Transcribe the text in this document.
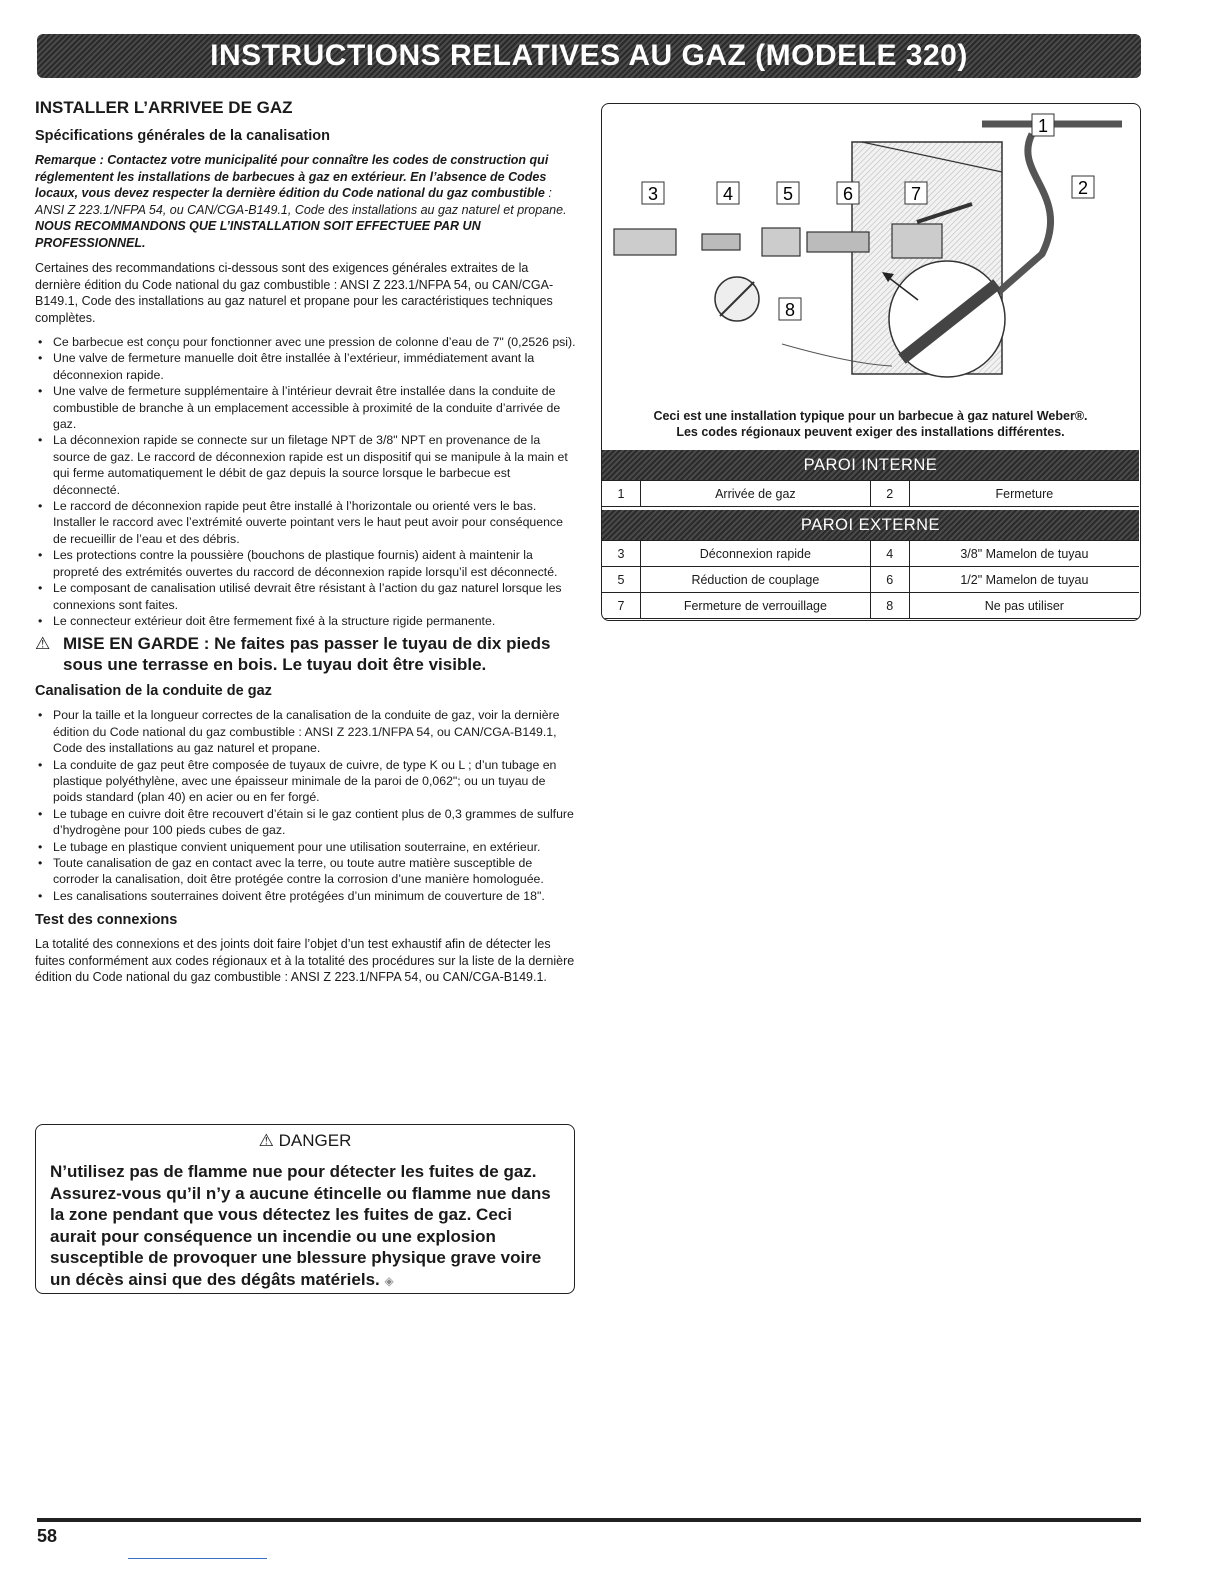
INSTRUCTIONS RELATIVES AU GAZ (MODELE 320)
INSTALLER L’ARRIVEE DE GAZ
Spécifications générales de la canalisation

Remarque : Contactez votre municipalité pour connaître les codes de construction qui réglementent les installations de barbecues à gaz en extérieur. En l’absence de Codes locaux, vous devez respecter la dernière édition du Code national du gaz combustible : ANSI Z 223.1/NFPA 54, ou CAN/CGA-B149.1, Code des installations au gaz naturel et propane. NOUS RECOMMANDONS QUE L’INSTALLATION SOIT EFFECTUEE PAR UN PROFESSIONNEL.

Certaines des recommandations ci-dessous sont des exigences générales extraites de la dernière édition du Code national du gaz combustible : ANSI Z 223.1/NFPA 54, ou CAN/CGA-B149.1, Code des installations au gaz naturel et propane pour les caractéristiques techniques complètes.

• Ce barbecue est conçu pour fonctionner avec une pression de colonne d’eau de 7" (0,2526 psi).
• Une valve de fermeture manuelle doit être installée à l’extérieur, immédiatement avant la déconnexion rapide.
• Une valve de fermeture supplémentaire à l’intérieur devrait être installée dans la conduite de combustible de branche à un emplacement accessible à proximité de la conduite d’arrivée de gaz.
• La déconnexion rapide se connecte sur un filetage NPT de 3/8" NPT en provenance de la source de gaz. Le raccord de déconnexion rapide est un dispositif qui se manipule à la main et qui ferme automatiquement le débit de gaz depuis la source lorsque le barbecue est déconnecté.
• Le raccord de déconnexion rapide peut être installé à l’horizontale ou orienté vers le bas. Installer le raccord avec l’extrémité ouverte pointant vers le haut peut avoir pour conséquence de recueillir de l’eau et des débris.
• Les protections contre la poussière (bouchons de plastique fournis) aident à maintenir la propreté des extrémités ouvertes du raccord de déconnexion rapide lorsqu’il est déconnecté.
• Le composant de canalisation utilisé devrait être résistant à l’action du gaz naturel lorsque les connexions sont faites.
• Le connecteur extérieur doit être fermement fixé à la structure rigide permanente.
⚠ MISE EN GARDE : Ne faites pas passer le tuyau de dix pieds sous une terrasse en bois. Le tuyau doit être visible.
Canalisation de la conduite de gaz
• Pour la taille et la longueur correctes de la canalisation de la conduite de gaz, voir la dernière édition du Code national du gaz combustible : ANSI Z 223.1/NFPA 54, ou CAN/CGA-B149.1, Code des installations au gaz naturel et propane.
• La conduite de gaz peut être composée de tuyaux de cuivre, de type K ou L ; d’un tubage en plastique polyéthylène, avec une épaisseur minimale de la paroi de 0,062"; ou un tuyau de poids standard (plan 40) en acier ou en fer forgé.
• Le tubage en cuivre doit être recouvert d’étain si le gaz contient plus de 0,3 grammes de sulfure d’hydrogène pour 100 pieds cubes de gaz.
• Le tubage en plastique convient uniquement pour une utilisation souterraine, en extérieur.
• Toute canalisation de gaz en contact avec la terre, ou toute autre matière susceptible de corroder la canalisation, doit être protégée contre la corrosion d’une manière homologuée.
• Les canalisations souterraines doivent être protégées d’un minimum de couverture de 18".
Test des connexions

La totalité des connexions et des joints doit faire l’objet d’un test exhaustif afin de détecter les fuites conformément aux codes régionaux et à la totalité des procédures sur la liste de la dernière édition du Code national du gaz combustible : ANSI Z 223.1/NFPA 54, ou CAN/CGA-B149.1.

⚠ DANGER
N’utilisez pas de flamme nue pour détecter les fuites de gaz. Assurez-vous qu’il n’y a aucune étincelle ou flamme nue dans la zone pendant que vous détectez les fuites de gaz. Ceci aurait pour conséquence un incendie ou une explosion susceptible de provoquer une blessure physique grave voire un décès ainsi que des dégâts matériels. ◈
1
2
3	4	5	6	7
8
Ceci est une installation typique pour un barbecue à gaz naturel Weber®.
Les codes régionaux peuvent exiger des installations différentes.
PAROI INTERNE
1	Arrivée de gaz	2	Fermeture
PAROI EXTERNE
3	Déconnexion rapide	4	3/8" Mamelon de tuyau
5	Réduction de couplage	6	1/2" Mamelon de tuyau
7	Fermeture de verrouillage	8	Ne pas utiliser
58
